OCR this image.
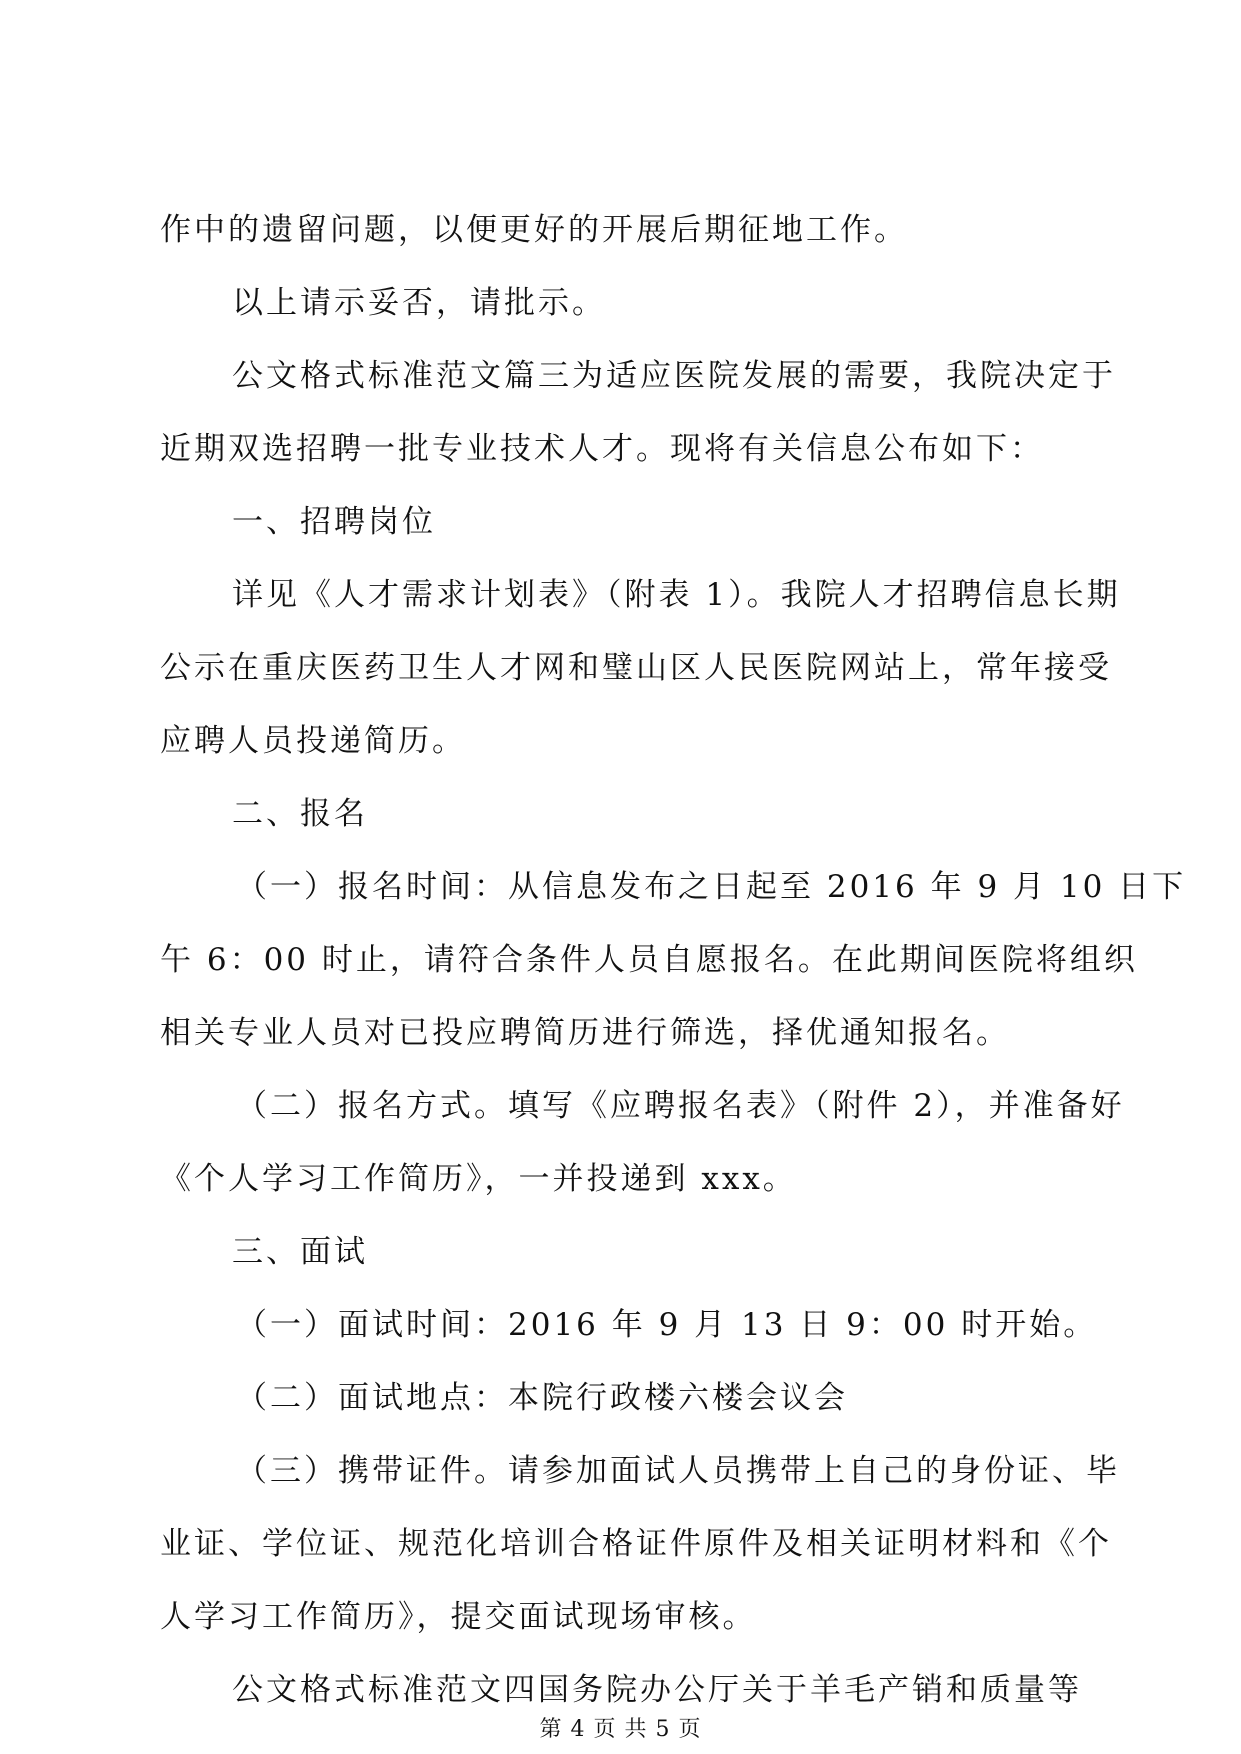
作中的遗留问题，以便更好的开展后期征地工作。
以上请示妥否，请批示。
公文格式标准范文篇三为适应医院发展的需要，我院决定于
近期双选招聘一批专业技术人才。现将有关信息公布如下：
一、招聘岗位
详见《人才需求计划表》（附表 1）。我院人才招聘信息长期
公示在重庆医药卫生人才网和璧山区人民医院网站上，常年接受
应聘人员投递简历。
二、报名
（一）报名时间：从信息发布之日起至 2016 年 9 月 10 日下
午 6：00 时止，请符合条件人员自愿报名。在此期间医院将组织
相关专业人员对已投应聘简历进行筛选，择优通知报名。
（二）报名方式。填写《应聘报名表》（附件 2），并准备好
《个人学习工作简历》，一并投递到 xxx。
三、面试
（一）面试时间：2016 年 9 月 13 日 9：00 时开始。
（二）面试地点：本院行政楼六楼会议会
（三）携带证件。请参加面试人员携带上自己的身份证、毕
业证、学位证、规范化培训合格证件原件及相关证明材料和《个
人学习工作简历》，提交面试现场审核。
公文格式标准范文四国务院办公厅关于羊毛产销和质量等
第 4 页 共 5 页
